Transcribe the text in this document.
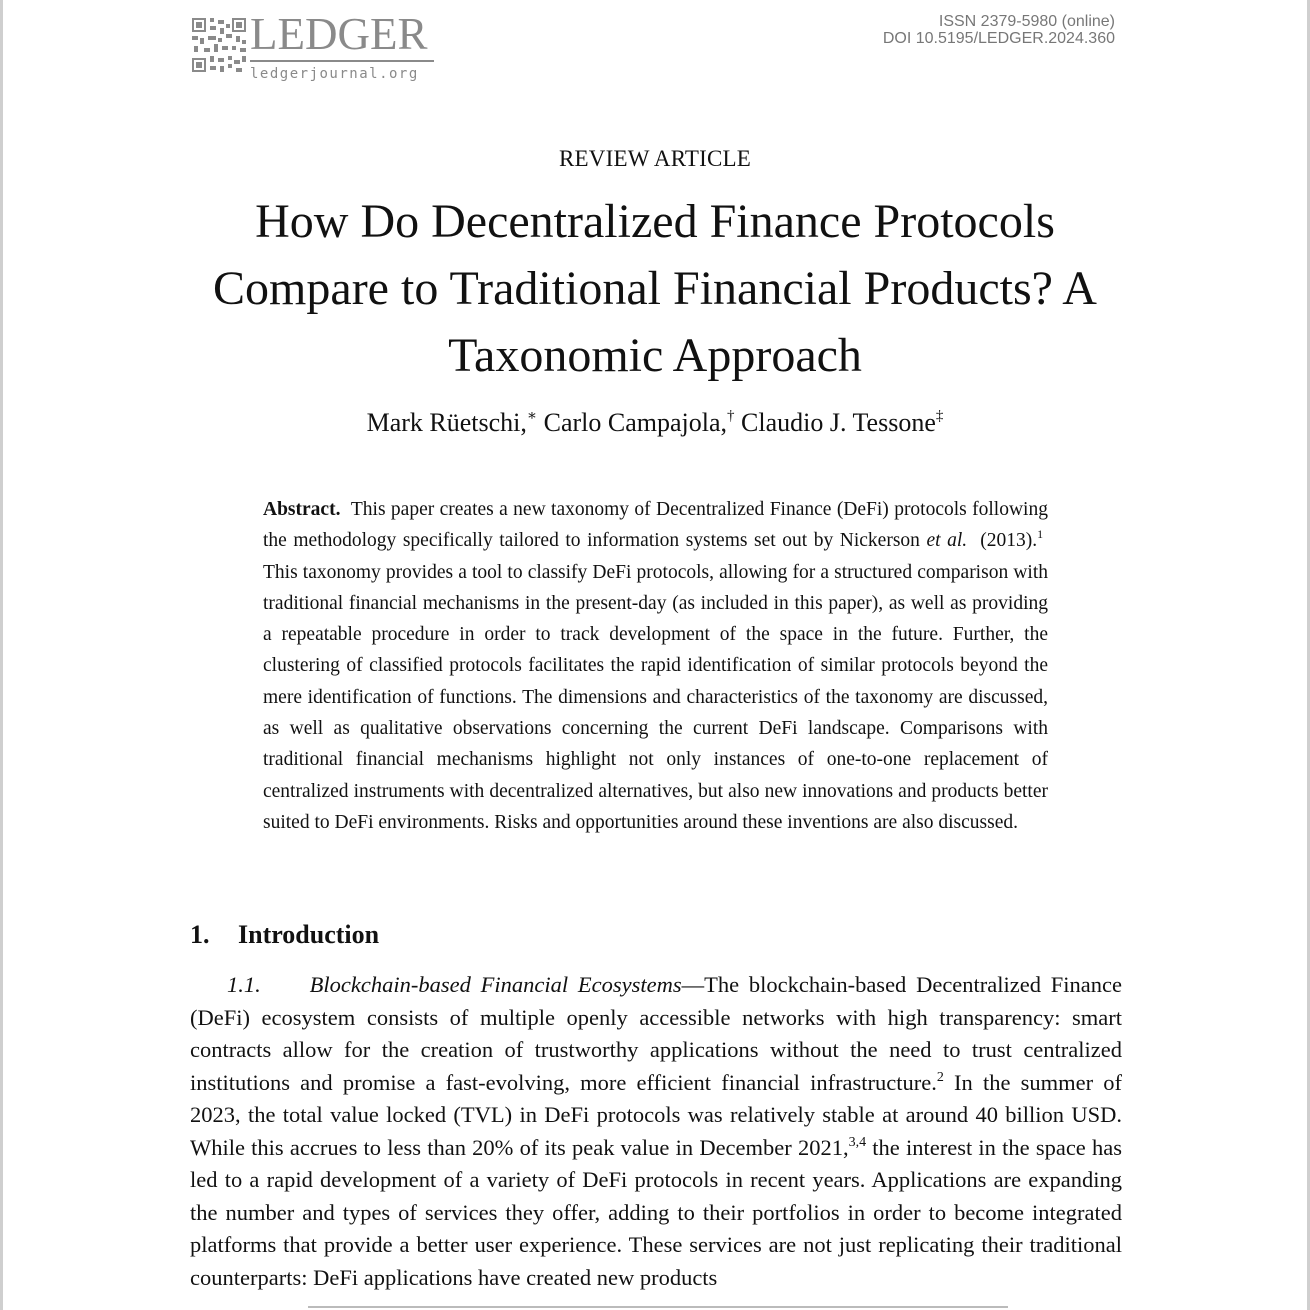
LEDGER
ledgerjournal.org
ISSN 2379-5980 (online)
DOI 10.5195/LEDGER.2024.360
REVIEW ARTICLE
How Do Decentralized Finance Protocols Compare to Traditional Financial Products? A Taxonomic Approach
Mark Rüetschi,∗ Carlo Campajola,† Claudio J. Tessone‡

Abstract. This paper creates a new taxonomy of Decentralized Finance (DeFi) protocols following the methodology specifically tailored to information systems set out by Nickerson et al. (2013).$^1$  This taxonomy provides a tool to classify DeFi protocols, allowing for a structured comparison with traditional financial mechanisms in the present-day (as included in this paper), as well as providing a repeatable procedure in order to track development of the space in the future. Further, the clustering of classified protocols facilitates the rapid identification of similar protocols beyond the mere identification of functions. The dimensions and characteristics of the taxonomy are discussed, as well as qualitative observations concerning the current DeFi landscape. Comparisons with traditional financial mechanisms highlight not only instances of one-to-one replacement of centralized instruments with decentralized alternatives, but also new innovations and products better suited to DeFi environments. Risks and opportunities around these inventions are also discussed.

1. Introduction

1.1. Blockchain-based Financial Ecosystems—The blockchain-based Decentralized Finance (DeFi) ecosystem consists of multiple openly accessible networks with high transparency: smart contracts allow for the creation of trustworthy applications without the need to trust centralized institutions and promise a fast-evolving, more efficient financial infrastructure.$^2$ In the summer of 2023, the total value locked (TVL) in DeFi protocols was relatively stable at around 40 billion USD. While this accrues to less than 20% of its peak value in December 2021,$^{3,4}$ the interest in the space has led to a rapid development of a variety of DeFi protocols in recent years. Applications are expanding the number and types of services they offer, adding to their portfolios in order to become integrated platforms that provide a better user experience. These services are not just replicating their traditional counterparts: DeFi applications have created new products
